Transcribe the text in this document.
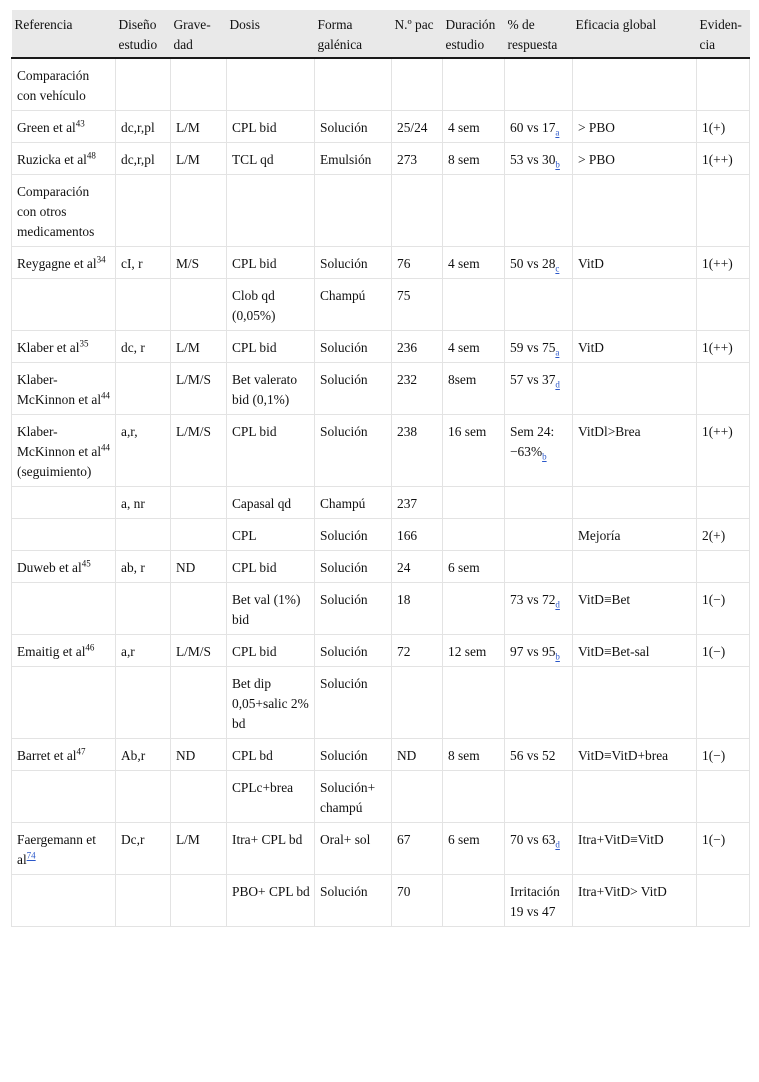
Referencia	Diseño estudio	Grave-dad	Dosis	Forma galénica	N.º pac	Duración estudio	% de respuesta	Eficacia global	Eviden-cia
Comparación con vehículo									
Green et $al^{43}$	dc,r,pl	L/M	CPL bid	Solución	25/24	4 sem	60 vs $17_a$	> PBO	1(+)
Ruzicka et $al^{48}$	dc,r,pl	L/M	TCL qd	Emulsión	273	8 sem	53 vs $30_b$	> PBO	1(++)
Comparación con otros medicamentos									
Reygagne et $al^{34}$	cI, r	M/S	CPL bid	Solución	76	4 sem	50 vs $28_c$	VitD	1(++)
			Clob qd (0,05%)	Champú	75				
Klaber et $al^{35}$	dc, r	L/M	CPL bid	Solución	236	4 sem	59 vs $75_a$	VitD	1(++)
Klaber-McKinnon et $al^{44}$		L/M/S	Bet valerato bid (0,1%)	Solución	232	8sem	57 vs $37_d$		
Klaber-McKinnon et $al^{44}$ (seguimiento)	a,r,	L/M/S	CPL bid	Solución	238	16 sem	Sem 24: $-63\%_b$	VitDl>Brea	1(++)
	a, nr		Capasal qd	Champú	237				
			CPL	Solución	166			Mejoría	2(+)
Duweb et $al^{45}$	ab, r	ND	CPL bid	Solución	24	6 sem			
			Bet val (1%) bid	Solución	18		73 vs $72_d$	VitD≡Bet	1(−)
Emaitig et $al^{46}$	a,r	L/M/S	CPL bid	Solución	72	12 sem	97 vs $95_b$	VitD≡Bet-sal	1(−)
			Bet dip 0,05+salic 2% bd	Solución					
Barret et $al^{47}$	Ab,r	ND	CPL bd	Solución	ND	8 sem	56 vs 52	VitD≡VitD+brea	1(−)
			CPLc+brea	Solución+ champú					
Faergemann et al$^{74}$	Dc,r	L/M	Itra+ CPL bd	Oral+ sol	67	6 sem	70 vs $63_d$	Itra+VitD≡VitD	1(−)
			PBO+ CPL bd	Solución	70		Irritación 19 vs 47	Itra+VitD> VitD	
